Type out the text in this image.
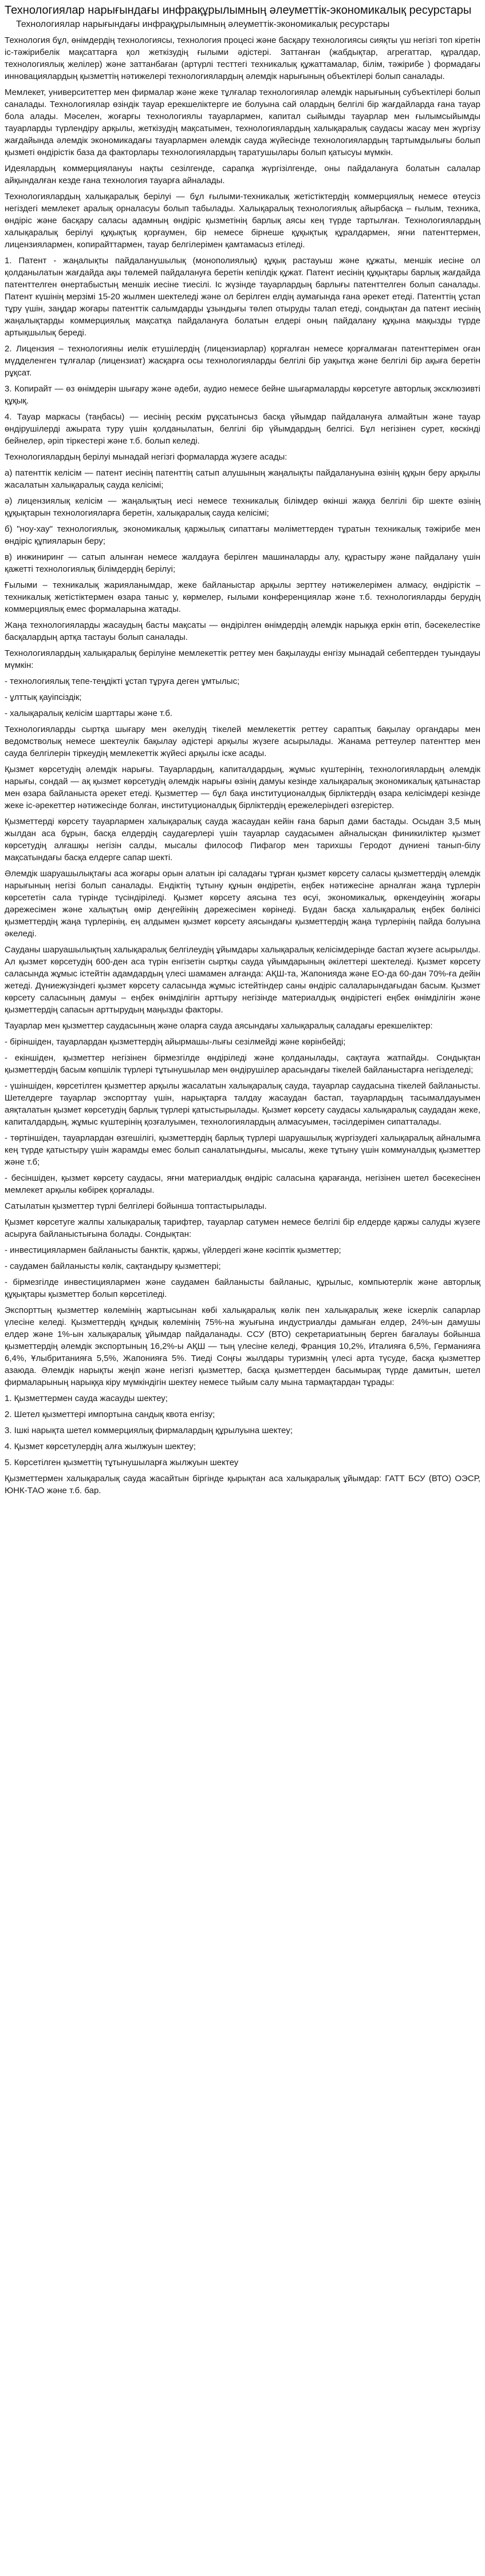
Технологиялар нарығындағы инфрақұрылымның әлеуметтік-экономикалық ресурстары

Технологиялар нарығындағы инфрақұрылымның әлеуметтік-экономикалық ресурстары

Технология бұл, өнімдердің технологиясы, технология процесі және басқару технологиясы сияқты үш негізгі топ кіретін іс-тәжірибелік мақсаттарға қол жеткізудің ғылыми әдістері. Заттанған (жабдықтар, агрегаттар, құралдар, технологиялық желілер) және заттанбаған (артүрлі тесттегі техникалық құжаттамалар, білім, тәжірибе ) формадағы инновациялардың қызметтің нәтижелері технологиялардың әлемдік нарығының объектілері болып саналады.

Мемлекет, университеттер мен фирмалар және жеке тұлғалар технологиялар әлемдік нарығының субъектілері болып саналады. Технологиялар өзіндік тауар ерекшеліктерге ие болуына сай олардың белгілі бір жағдайларда ғана тауар бола алады. Мәселен, жоғарғы технологиялы тауарлармен, капитал сыйымды тауарлар мен ғылымсыйымды тауарларды түрлендіру арқылы, жеткізудің мақсатымен, технологиялардың халықаралық саудасы жасау мен жүргізу жағдайында әлемдік экономикадағы тауарлармен әлемдік сауда жүйесінде технологиялардың тартымдылығы болып қызметі өндірістік база да факторлары технологиялардың таратушылары болып қатысуы мүмкін.

Идеялардың коммерциялануы нақты сезілгенде, сарапқа жүргізілгенде, оны пайдалануға болатын салалар айқындалған кезде ғана технология тауарға айналады.

Технологиялардың халықаралық берілуі — бұл ғылыми-техникалық жетістіктердің коммерциялық немесе өтеусіз негіздегі мемлекет аралық орналасуы болып табылады. Халықаралық технологиялық айырбасқа – ғылым, техника, өндіріс және басқару саласы адамның өндіріс қызметінің барлық аясы кең түрде тартылған. Технологиялардың халықаралық берілуі құқықтық қорғаумен, бір немесе бірнеше құқықтық құралдармен, яғни патенттермен, лицензиялармен, копирайттармен, тауар белгілерімен қамтамасыз етіледі.

1. Патент - жаңалықты пайдаланушылық (монополиялық) құқық растауыш және құжаты, меншік иесіне ол қолданылатын жағдайда ақы төлемей пайдалануға беретін кепілдік құжат. Патент иесінің құқықтары барлық жағдайда патенттелген өнертабыстың меншік иесіне тиесілі. Іс жүзінде тауарлардың барлығы патенттелген болып саналады. Патент күшінің мерзімі 15-20 жылмен шектеледі және ол берілген елдің аумағында ғана әрекет етеді. Патенттің ұстап тұру үшін, заңдар жоғары патенттік салымдарды ұзындығы төлеп отыруды талап етеді, сондықтан да патент иесінің жаңалықтарды коммерциялық мақсатқа пайдалануға болатын елдері оның пайдалану құқына мақызды түрде артықшылық береді.

2. Лицензия – технологияны иелік етушілердің (лицензиарлар) қорғалған немесе қорғалмаған патенттерімен оған мүдделенген тұлғалар (лицензиат) жасқарға осы технологияларды белгілі бір уақытқа және белгілі бір ақыға беретін рұқсат.

3. Копирайт — өз өнімдерін шығару және әдеби, аудио немесе бейне шығармаларды көрсетуге авторлық эксклюзивті құқық.

4. Тауар маркасы (таңбасы) — иесінің рескім рұқсатынсыз басқа үйымдар пайдалануға алмайтын және тауар өндірушілерді ажырата туру үшін қолданылатын, белгілі бір үйымдардың белгісі. Бұл негізінен сурет, көскінді бейнелер, әріп тіркестері және т.б. болып келеді.

Технологиялардың берілуі мынадай негізгі формаларда жүзеге асады:

а) патенттік келісім — патент иесінің патенттің сатып алушының жаңалықты пайдалануына өзінің құқын беру арқылы жасалатын халықаралық сауда келісімі;

ә) лицензиялық келісім — жаңалықтың иесі немесе техникалық білімдер өкінші жаққа белгілі бір шекте өзінің құқықтарын технологияларға беретін, халықаралық сауда келісімі;

б) "ноу-хау" технологиялық, экономикалық қаржылық сипаттағы мәліметтерден тұратын техникалық тәжірибе мен өндіріс құпияларын беру;

в) инжиниринг — сатып алынған немесе жалдауға берілген машиналарды алу, құрастыру және пайдалану үшін қажетті технологиялық білімдердің берілуі;

Ғылыми – техникалық жарияланымдар, жеке байланыстар арқылы зерттеу нәтижелерімен алмасу, өндірістік – техникалық жетістіктермен өзара таныс у, көрмелер, ғылыми конференциялар және т.б. технологияларды берудің коммерциялық емес формаларына жатады.

Жаңа технологияларды жасаудың басты мақсаты — өндірілген өнімдердің әлемдік нарыққа еркін өтіп, бәсекелестіке басқалардың артқа тастауы болып саналады.

Технологиялардың халықаралық берілуіне мемлекеттік реттеу мен бақылауды енгізу мынадай себептерден туындауы мүмкін:

- технологиялық тепе-теңдікті ұстап тұруға деген ұмтылыс;

- ұлттық қауіпсіздік;

- халықаралық келісім шарттары және т.б.

Технологияларды сыртқа шығару мен әкелудің тікелей мемлекеттік реттеу сараптық бақылау органдары мен ведомстволық немесе шектеулік бақылау әдістері арқылы жүзеге асырылады. Жанама реттеулер патенттер мен сауда белгілерін тіркеудің мемлекеттік жүйесі арқылы іске асады.

Қызмет көрсетудің әлемдік нарығы. Тауарлардың, капиталдардың, жұмыс күштерінің, технологиялардың әлемдік нарығы, сондай — ақ қызмет көрсетудің әлемдік нарығы өзінің дамуы кезінде халықаралық экономикалық қатынастар мен өзара байланыста әрекет етеді. Қызметтер — бұл бақа институционалдық бірліктердің өзара келісімдері кезінде жеке іс-әрекеттер нәтижесінде болған, институционалдық бірліктердің ережелеріндегі өзгерістер.

Қызметтерді көрсету тауарлармен халықаралық сауда жасаудан кейін ғана барып дами бастады. Осыдан 3,5 мың жылдан аса бұрын, басқа елдердің саудагерлері үшін тауарлар саудасымен айналысқан финикиліктер қызмет көрсетудің алғашқы негізін салды, мысалы философ Пифагор мен тарихшы Геродот дүниені танып-білу мақсатындағы басқа елдерге сапар шекті.

Әлемдік шаруашылықтағы аса жоғары орын алатын ірі саладағы тұрған қызмет көрсету саласы қызметтердің әлемдік нарығының негізі болып саналады. Ендіктің тұтыну құнын өндіретін, еңбек нәтижесіне арналған жаңа тұрлерін көрсететін сала түрінде түсіндіріледі. Қызмет көрсету аясына тез өсуі, экономикалық, өркендеуінің жоғары дәрежесімен және халықтың өмір деңгейінің дәрежесімен көрінеді. Бүдан басқа халықаралық еңбек бөлінісі қызметтердің жаңа түрлерінің, ең алдымен қызмет көрсету аясындағы қызметтердің жаңа түрлерінің пайда болуына әкеледі.

Сауданы шаруашылықтың халықаралық белгілеудің ұйымдары халықаралық келісімдерінде бастап жүзеге асырылды. Ал қызмет көрсетудің 600-ден аса түрін енгізетін сыртқы сауда үйымдарының әкілеттері шектеледі. Қызмет көрсету саласында жұмыс істейтін адамдардың үлесі шамамен алғанда: АҚШ-та, Жапонияда және ЕО-да 60-дан 70%-ға дейін жетеді. Дүниежүзіндегі қызмет көрсету саласында жұмыс істейтіндер саны өндіріс салаларындағыдан басым. Қызмет көрсету саласының дамуы – еңбек өнімділігін арттыру негізінде материалдық өндірістегі еңбек өнімділігін және қызметтердің сапасын арттырудың маңызды факторы.

Тауарлар мен қызметтер саудасының және оларға сауда аясындағы халықаралық саладағы ерекшеліктер:

- біріншіден, тауарлардан қызметтердің айырмашы-лығы сезілмейді және көрінбейді;

- екіншіден, қызметтер негізінен бірмезгілде өндіріледі және қолданылады, сақтауға жатпайды. Сондықтан қызметтердің басым көпшілік түрлері тұтынушылар мен өндірушілер арасындағы тікелей байланыстарға негізделеді;

- үшіншіден, көрсетілген қызметтер арқылы жасалатын халықаралық сауда, тауарлар саудасына тікелей байланысты. Шетелдерге тауарлар экспорттау үшін, нарықтарға талдау жасаудан бастап, тауарлардың тасымалдауымен аяқталатын қызмет көрсетудің барлық түрлері қатыстырылады. Қызмет көрсету саудасы халықаралық саудадан жеке, капиталдардың, жұмыс күштерінің қозғалуымен, технологиялардың алмасуымен, тәсілдерімен сипатталады.

- төртіншіден, тауарлардан өзгешілігі, қызметтердің барлық түрлері шаруашылық жүргізудегі халықаралық айналымға кең түрде қатыстыру үшін жарамды емес болып саналатындығы, мысалы, жеке тұтыну үшін коммуналдық қызметтер және т.б;

- бесіншіден, қызмет көрсету саудасы, яғни материалдық өндіріс саласына қарағанда, негізінен шетел бәсекесінен мемлекет арқылы көбірек қорғалады.

Сатылатын қызметтер түрлі белгілері бойынша топтастырылады.

Қызмет көрсетуге жалпы халықаралық тарифтер, тауарлар сатумен немесе белгілі бір елдерде қаржы салуды жүзеге асыруға байланыстығына болады. Сондықтан:

- инвестициялармен байланысты банктік, қаржы, үйлердегі және кәсіптік қызметтер;

- саудамен байланысты көлік, сақтандыру қызметтері;

- бірмезгілде инвестициялармен және саудамен байланысты байланыс, құрылыс, компьютерлік және авторлық құқықтары қызметтер болып көрсетіледі.

Экспорттың қызметтер көлемінің жартысынан көбі халықаралық көлік пен халықаралық жеке іскерлік сапарлар үлесіне келеді. Қызметтердің құндық көлемінің 75%-на жуығына индустриалды дамыған елдер, 24%-ын дамушы елдер және 1%-ын халықаралық ұйымдар пайдаланады. ССУ (ВТО) секретариатының берген бағалауы бойынша қызметтердің әлемдік экспортының 16,2%-ы АҚШ — тың үлесіне келеді, Франция 10,2%, Италияға 6,5%, Германияға 6,4%, Ұлыбританияға 5,5%, Жапонияға 5%. Тиеді Соңғы жылдары туризмнің үлесі арта түсуде, басқа қызметтер азаюда. Әлемдік нарықты жеңіп және негізгі қызметтер, басқа қызметтерден басымырақ түрде дамитын, шетел фирмаларының нарыққа кіру мүмкіндігін шектеу немесе тыйым салу мына тармақтардан тұрады:

1. Қызметтермен сауда жасауды шектеу;

2. Шетел қызметтері импортына сандық квота енгізу;

3. Ішкі нарықта шетел коммерциялық фирмалардың құрылуына шектеу;

4. Қызмет көрсетулердің алға жылжуын шектеу;

5. Көрсетілген қызметтің тұтынушыларға жылжуын шектеу

Қызметтермен халықаралық сауда жасайтын біргінде қырықтан аса халықаралық ұйымдар: ГАТТ БСУ (ВТО) ОЭСР, ЮНК-ТАО және т.б. бар.
